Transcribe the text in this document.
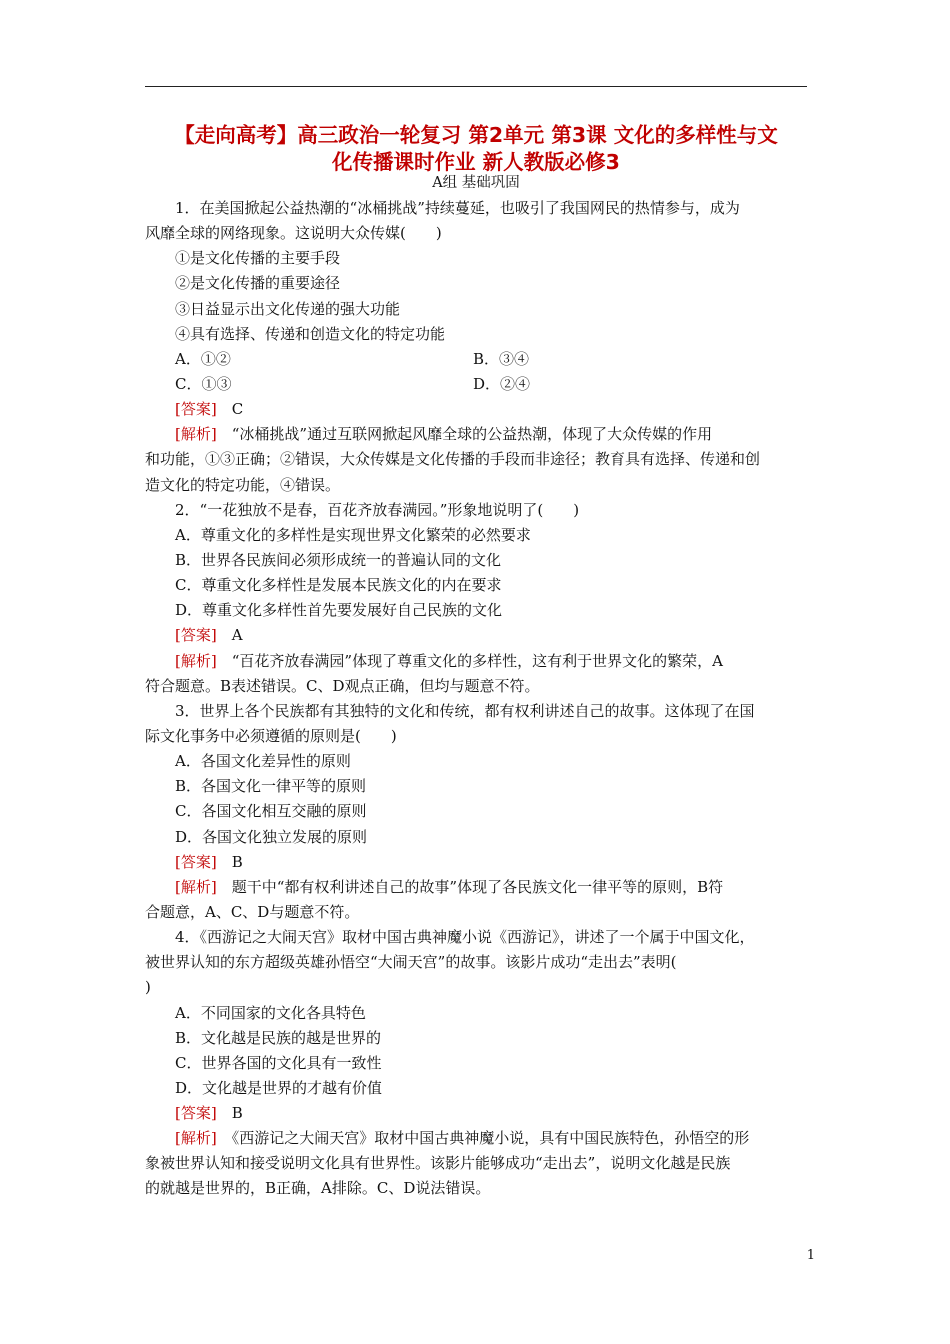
【走向高考】高三政治一轮复习 第2单元 第3课 文化的多样性与文
化传播课时作业 新人教版必修3
A组 基础巩固
1．在美国掀起公益热潮的“冰桶挑战”持续蔓延，也吸引了我国网民的热情参与，成为
风靡全球的网络现象。这说明大众传媒(　　)
①是文化传播的主要手段
②是文化传播的重要途径
③日益显示出文化传递的强大功能
④具有选择、传递和创造文化的特定功能
A．①②	B．③④
C．①③	D．②④
[答案]　 C
[解析]　 “冰桶挑战”通过互联网掀起风靡全球的公益热潮，体现了大众传媒的作用
和功能，①③正确；②错误，大众传媒是文化传播的手段而非途径；教育具有选择、传递和创
造文化的特定功能，④错误。
2．“一花独放不是春，百花齐放春满园。”形象地说明了(　　)
A．尊重文化的多样性是实现世界文化繁荣的必然要求
B．世界各民族间必须形成统一的普遍认同的文化
C．尊重文化多样性是发展本民族文化的内在要求
D．尊重文化多样性首先要发展好自己民族的文化
[答案]　 A
[解析]　 “百花齐放春满园”体现了尊重文化的多样性，这有利于世界文化的繁荣，A
符合题意。B表述错误。C、D观点正确，但均与题意不符。
3．世界上各个民族都有其独特的文化和传统，都有权利讲述自己的故事。这体现了在国
际文化事务中必须遵循的原则是(　　)
A．各国文化差异性的原则
B．各国文化一律平等的原则
C．各国文化相互交融的原则
D．各国文化独立发展的原则
[答案]　 B
[解析]　 题干中“都有权利讲述自己的故事”体现了各民族文化一律平等的原则，B符
合题意，A、C、D与题意不符。
4．《西游记之大闹天宫》取材中国古典神魔小说《西游记》，讲述了一个属于中国文化，
被世界认知的东方超级英雄孙悟空“大闹天宫”的故事。该影片成功“走出去”表明(
)
A．不同国家的文化各具特色
B．文化越是民族的越是世界的
C．世界各国的文化具有一致性
D．文化越是世界的才越有价值
[答案]　 B
[解析]　 《西游记之大闹天宫》取材中国古典神魔小说，具有中国民族特色，孙悟空的形
象被世界认知和接受说明文化具有世界性。该影片能够成功“走出去”，说明文化越是民族
的就越是世界的，B正确，A排除。C、D说法错误。
1
